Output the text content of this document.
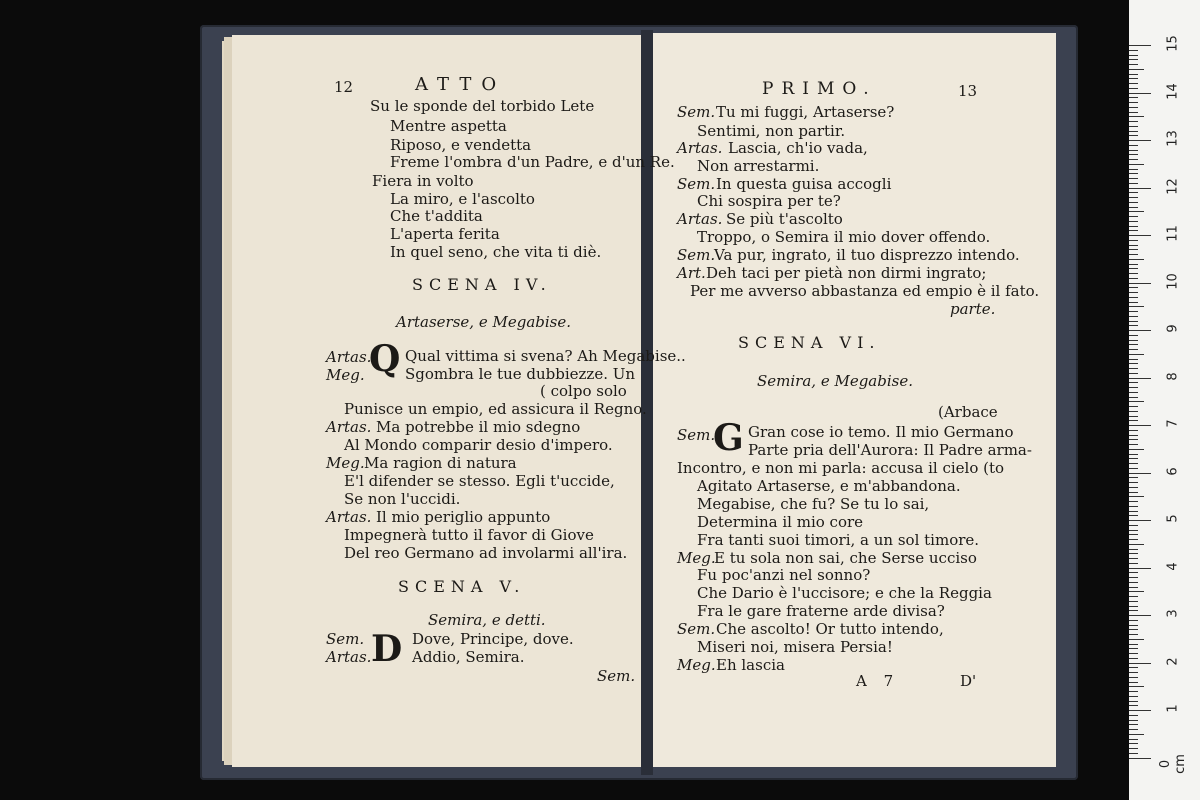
12	ATTO
Su le sponde del torbido Lete
Mentre aspetta
Riposo, e vendetta
Freme l'ombra d'un Padre, e d'un Re.
Fiera in volto
La miro, e l'ascolto
Che t'addita
L'aperta ferita
In quel seno, che vita ti diè.
SCENA IV.
Artaserse, e Megabise.
Q
Artas. Qual vittima si svena? Ah Megabise..
Meg.	Sgombra le tue dubbiezze. Un
( colpo solo
Punisce un empio, ed assicura il Regno.
Artas. Ma potrebbe il mio sdegno
Al Mondo comparir desio d'impero.
Meg. Ma ragion di natura
E'l difender se stesso. Egli t'uccide,
Se non l'uccidi.
Artas. Il mio periglio appunto
Impegnerà tutto il favor di Giove
Del reo Germano ad involarmi all'ira.
SCENA V.
Semira, e detti.
D
Sem.	Dove, Principe, dove.
Artas.	Addio, Semira.
Sem.
PRIMO.	13
Sem. Tu mi fuggi, Artaserse?
Sentimi, non partir.
Artas. Lascia, ch'io vada,
Non arrestarmi.
Sem. In questa guisa accogli
Chi sospira per te?
Artas. Se più t'ascolto
Troppo, o Semira il mio dover offendo.
Sem.
Va pur, ingrato, il tuo disprezzo intendo.
Art. Deh taci per pietà non dirmi ingrato;
Per me avverso abbastanza ed empio è il fato.
parte.
SCENA VI.
Semira, e Megabise.
(Arbace
G
Sem. Gran cose io temo. Il mio Germano
Parte pria dell'Aurora: Il Padre arma-
Incontro, e non mi parla: accusa il cielo (to
Agitato Artaserse, e m'abbandona.
Megabise, che fu? Se tu lo sai,
Determina il mio core
Fra tanti suoi timori, a un sol timore.
Meg.
E tu sola non sai, che Serse ucciso
Fu poc'anzi nel sonno?
Che Dario è l'uccisore; e che la Reggia
Fra le gare fraterne arde divisa?
Sem. Che ascolto! Or tutto intendo,
Miseri noi, misera Persia!
Meg. Eh lascia
A 7	D'
15
14
13
12
11
10
9
8
7
6
5
4
3
2
1
0 cm
